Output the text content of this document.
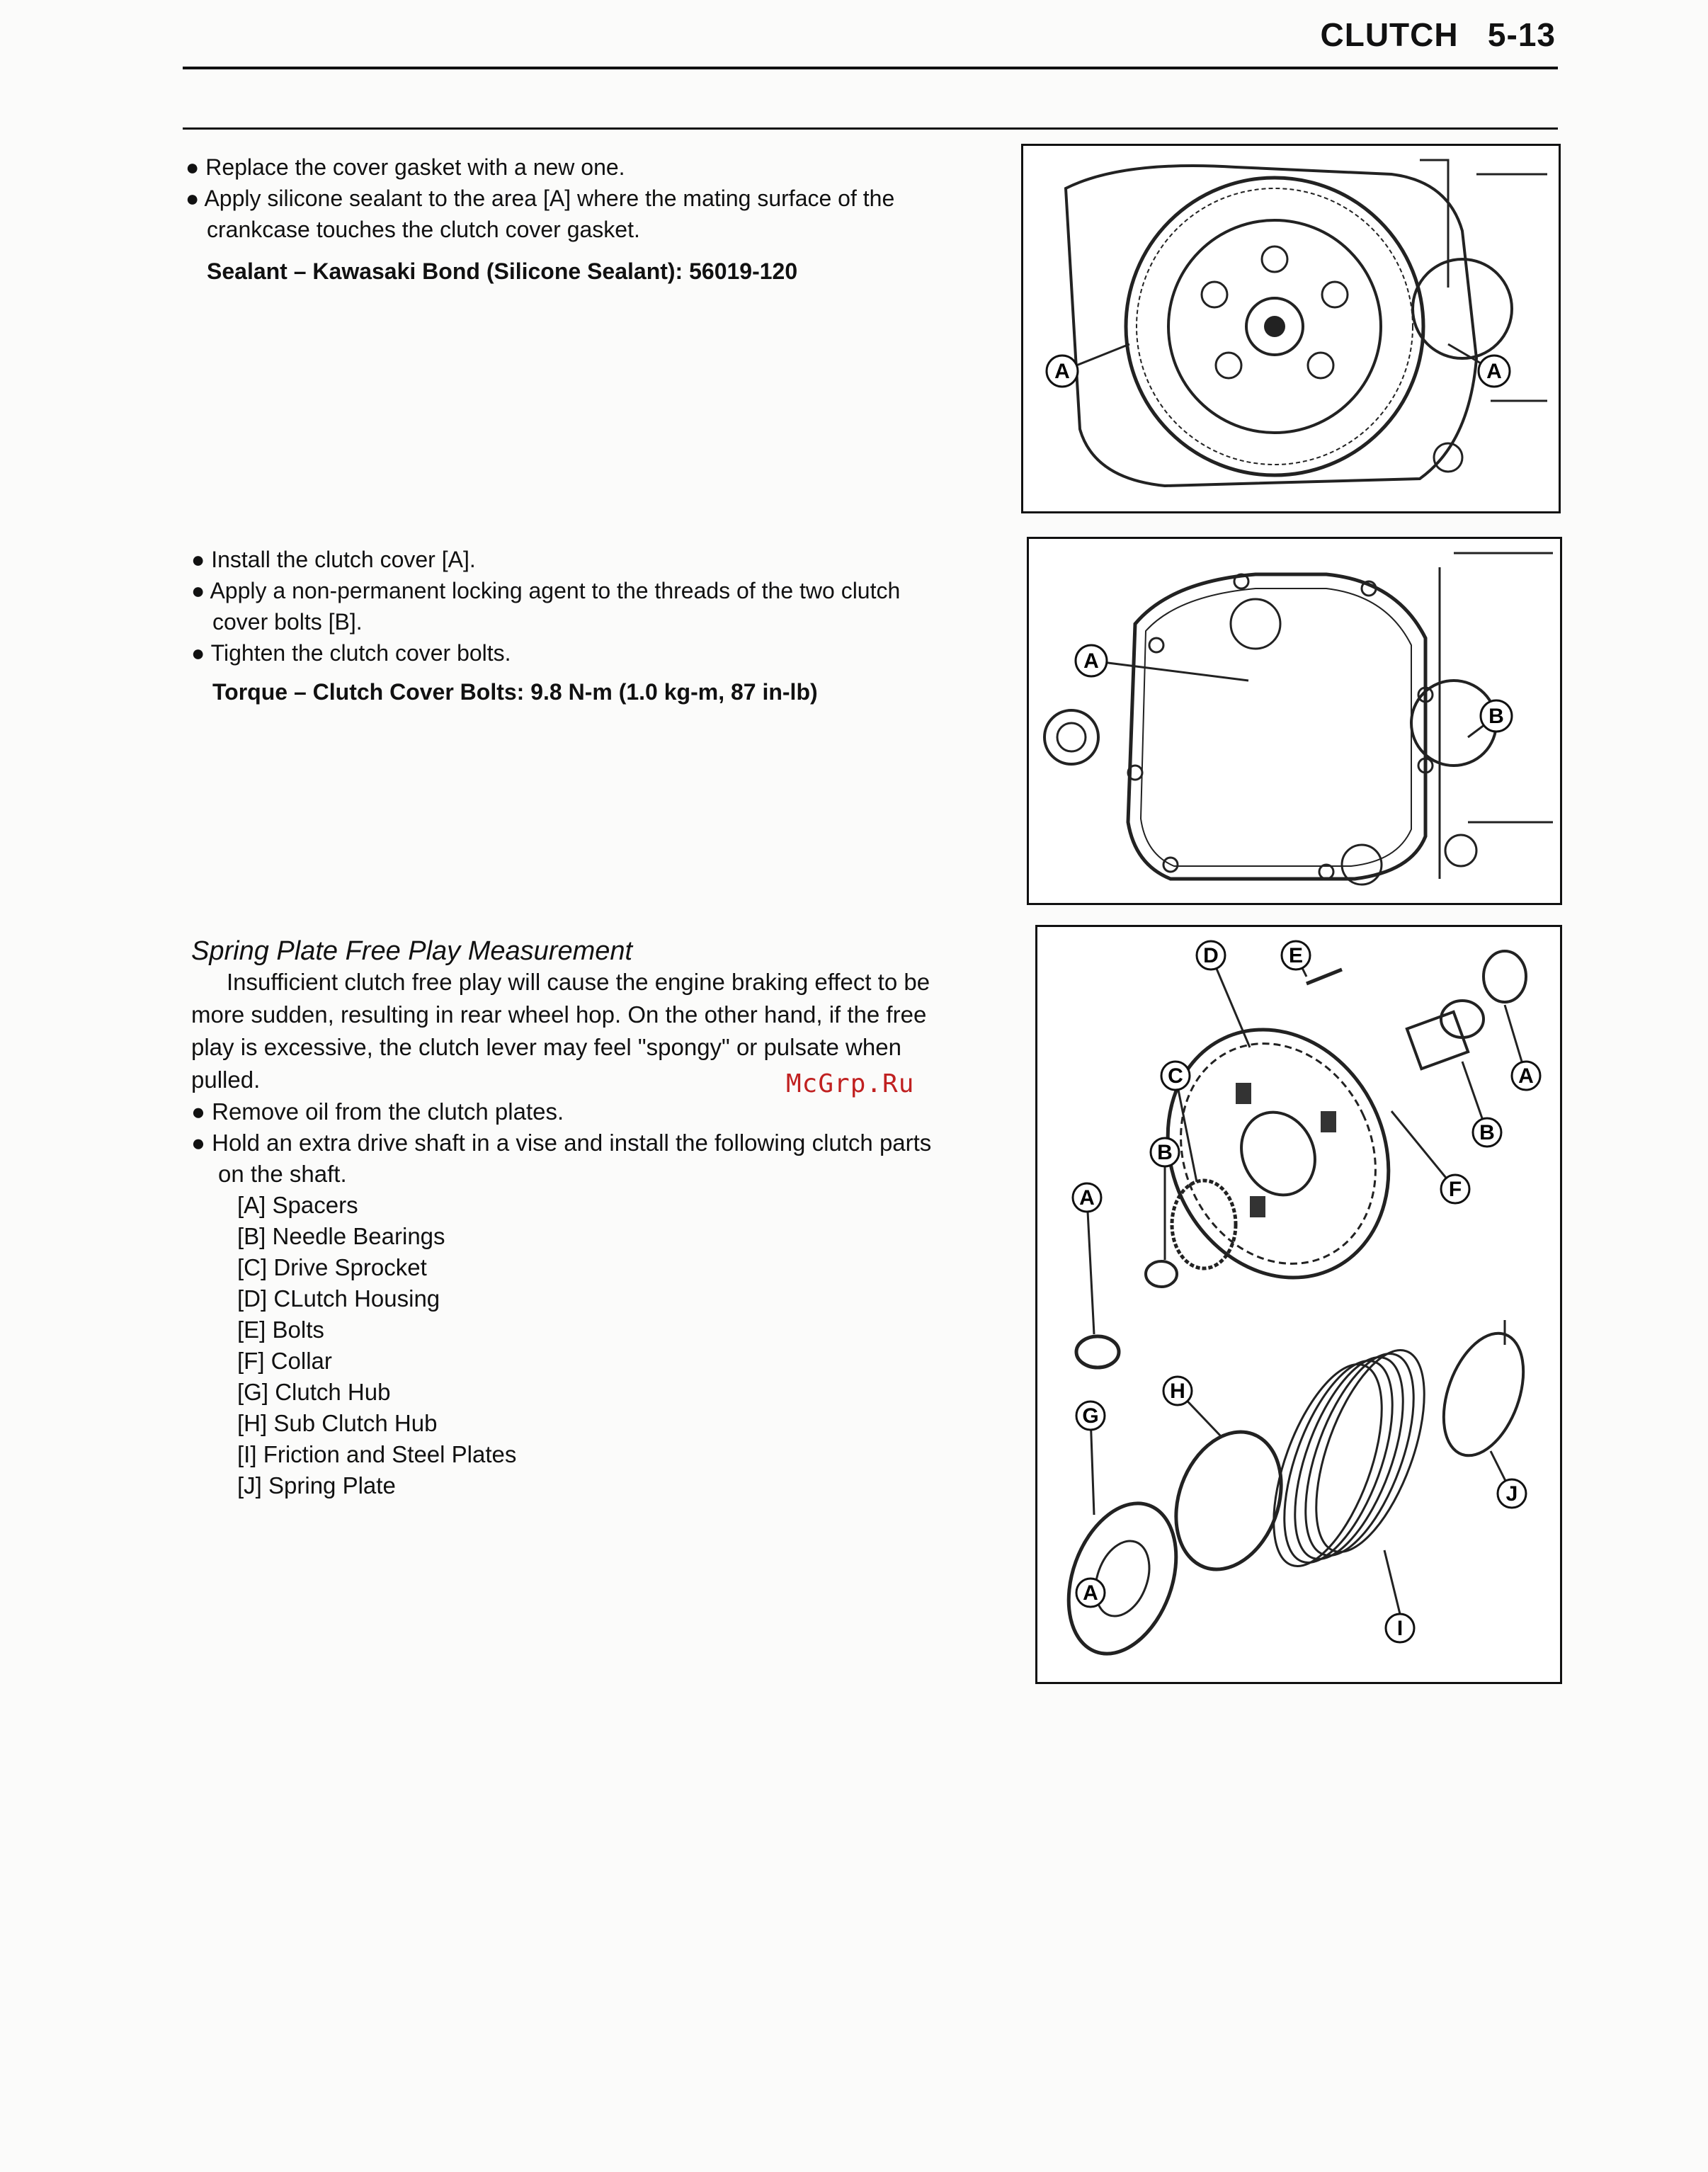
CLUTCH 5-13
● Replace the cover gasket with a new one.
● Apply silicone sealant to the area [A] where the mating surface of the
crankcase touches the clutch cover gasket.
Sealant – Kawasaki Bond (Silicone Sealant): 56019-120
A	A
● Install the clutch cover [A].
● Apply a non-permanent locking agent to the threads of the two clutch
cover bolts [B].
● Tighten the clutch cover bolts.
Torque – Clutch Cover Bolts: 9.8 N-m (1.0 kg-m, 87 in-lb)
A
B
Spring Plate Free Play Measurement
Insufficient clutch free play will cause the engine braking effect to be
more sudden, resulting in rear wheel hop. On the other hand, if the free
play is excessive, the clutch lever may feel "spongy" or pulsate when
pulled.
● Remove oil from the clutch plates.
● Hold an extra drive shaft in a vise and install the following clutch parts
on the shaft.
McGrp.Ru
[A] Spacers
[B] Needle Bearings
[C] Drive Sprocket
[D] CLutch Housing
[E] Bolts
[F] Collar
[G] Clutch Hub
[H] Sub Clutch Hub
[I] Friction and Steel Plates
[J] Spring Plate
D	E
A
C
B
B
A	F
H
G
J
I
A
